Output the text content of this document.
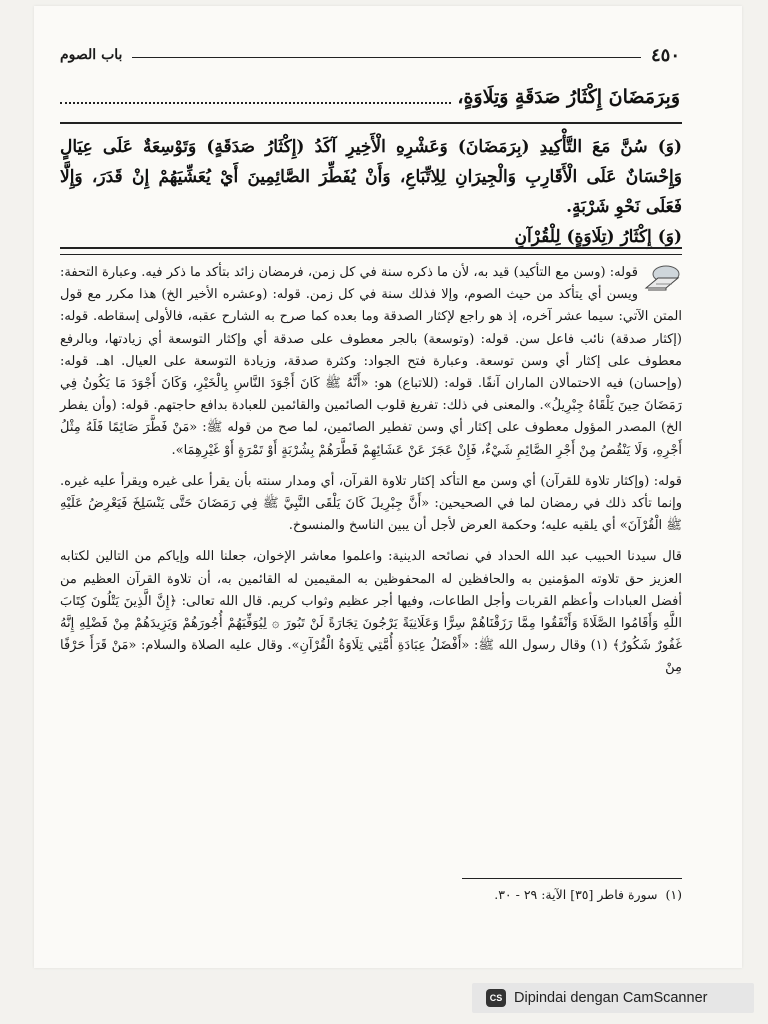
٤٥٠
باب الصوم
وَبِرَمَضَانَ إِكْثَارُ صَدَقَةٍ وَتِلَاوَةٍ،

(وَ) سُنَّ مَعَ التَّأْكِيدِ (بِرَمَضَانَ) وَعَشْرِهِ الْأَخِيرِ آكَدُ (إِكْثَارُ صَدَقَةٍ) وَتَوْسِعَةٌ عَلَى عِيَالٍ وَإِحْسَانٌ عَلَى الْأَقَارِبِ وَالْجِيرَانِ لِلِاتِّبَاعِ، وَأَنْ يُفَطِّرَ الصَّائِمِينَ أَيْ يُعَشِّيَهُمْ إِنْ قَدَرَ، وَإِلَّا فَعَلَى نَحْوِ شَرْبَةٍ.

(وَ) إِكْثَارُ (تِلَاوَةٍ) لِلْقُرْآنِ

قوله: (وسن مع التأكيد) قيد به، لأن ما ذكره سنة في كل زمن، فرمضان زائد بتأكد ما ذكر فيه. وعبارة التحفة: ويسن أي يتأكد من حيث الصوم، وإلا فذلك سنة في كل زمن. قوله: (وعشره الأخير الخ) هذا مكرر مع قول المتن الآتي: سيما عشر آخره، إذ هو راجع لإكثار الصدقة وما بعده كما صرح به الشارح عقبه، فالأولى إسقاطه. قوله: (إكثار صدقة) نائب فاعل سن. قوله: (وتوسعة) بالجر معطوف على صدقة أي وإكثار التوسعة أي زيادتها، وبالرفع معطوف على إكثار أي وسن توسعة. وعبارة فتح الجواد: وكثرة صدقة، وزيادة التوسعة على العيال. اهـ. قوله: (وإحسان) فيه الاحتمالان الماران آنفًا. قوله: (للاتباع) هو: «أَنَّهُ ﷺ كَانَ أَجْوَدَ النَّاسِ بِالْخَيْرِ، وَكَانَ أَجْوَدَ مَا يَكُونُ فِي رَمَضَانَ حِينَ يَلْقَاهُ جِبْرِيلُ». والمعنى في ذلك: تفريغ قلوب الصائمين والقائمين للعبادة بدافع حاجتهم. قوله: (وأن يفطر الخ) المصدر المؤول معطوف على إكثار أي وسن تفطير الصائمين، لما صح من قوله ﷺ: «مَنْ فَطَّرَ صَائِمًا فَلَهُ مِثْلُ أَجْرِهِ، وَلَا يَنْقُصُ مِنْ أَجْرِ الصَّائِمِ شَيْءٌ، فَإِنْ عَجَزَ عَنْ عَشَائِهِمْ فَطَّرَهُمْ بِشُرْبَةٍ أَوْ تَمْرَةٍ أَوْ غَيْرِهِمَا».

قوله: (وإكثار تلاوة للقرآن) أي وسن مع التأكد إكثار تلاوة القرآن، أي ومدار سنته بأن يقرأ على غيره ويقرأ عليه غيره. وإنما تأكد ذلك في رمضان لما في الصحيحين: «أَنَّ جِبْرِيلَ كَانَ يَلْقَى النَّبِيَّ ﷺ فِي رَمَضَانَ حَتَّى يَنْسَلِخَ فَيَعْرِضُ عَلَيْهِ ﷺ الْقُرْآنَ» أي يلقيه عليه؛ وحكمة العرض لأجل أن يبين الناسخ والمنسوخ.

قال سيدنا الحبيب عبد الله الحداد في نصائحه الدينية: واعلموا معاشر الإخوان، جعلنا الله وإياكم من التالين لكتابه العزيز حق تلاوته المؤمنين به والحافظين له المحفوظين به المقيمين له القائمين به، أن تلاوة القرآن العظيم من أفضل العبادات وأعظم القربات وأجل الطاعات، وفيها أجر عظيم وثواب كريم. قال الله تعالى: ﴿إِنَّ الَّذِينَ يَتْلُونَ كِتَابَ اللَّهِ وَأَقَامُوا الصَّلَاةَ وَأَنْفَقُوا مِمَّا رَزَقْنَاهُمْ سِرًّا وَعَلَانِيَةً يَرْجُونَ تِجَارَةً لَنْ تَبُورَ ۞ لِيُوَفِّيَهُمْ أُجُورَهُمْ وَيَزِيدَهُمْ مِنْ فَضْلِهِ إِنَّهُ غَفُورٌ شَكُورٌ﴾ (١) وقال رسول الله ﷺ: «أَفْضَلُ عِبَادَةِ أُمَّتِي تِلَاوَةُ الْقُرْآنِ». وقال عليه الصلاة والسلام: «مَنْ قَرَأَ حَرْفًا مِنْ

(١)
سورة فاطر [٣٥] الآية: ٢٩ - ٣٠.
CS Dipindai dengan CamScanner
